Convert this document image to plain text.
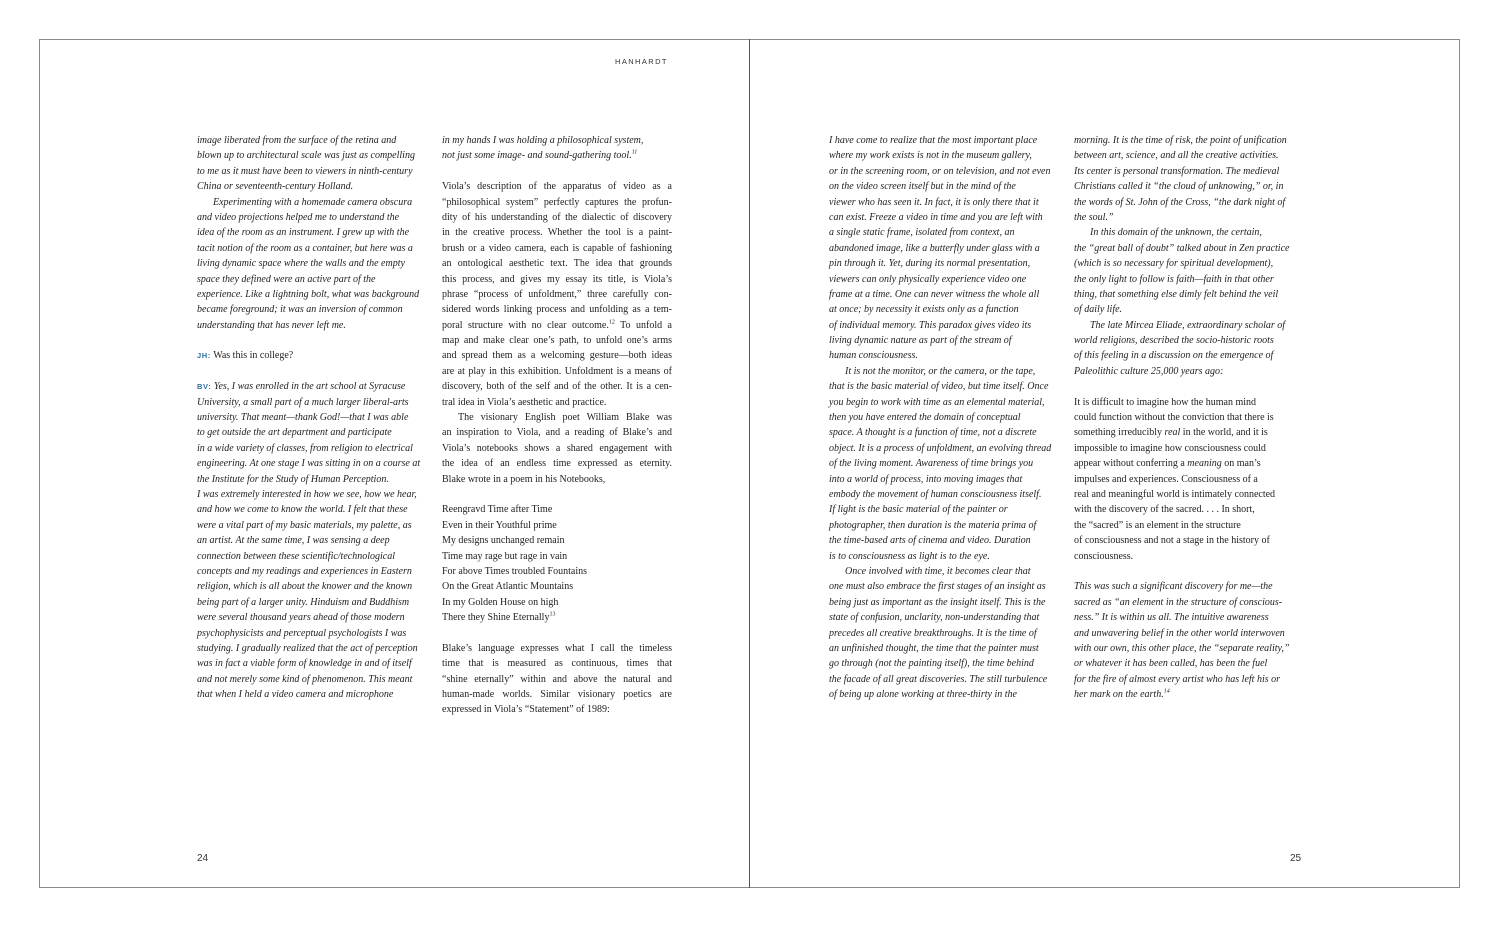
HANHARDT
24	25
image liberated from the surface of the retina and
blown up to architectural scale was just as compelling
to me as it must have been to viewers in ninth-century
China or seventeenth-century Holland.
Experimenting with a homemade camera obscura
and video projections helped me to understand the
idea of the room as an instrument. I grew up with the
tacit notion of the room as a container, but here was a
living dynamic space where the walls and the empty
space they defined were an active part of the
experience. Like a lightning bolt, what was background
became foreground; it was an inversion of common
understanding that has never left me.
JH: Was this in college?
BV: Yes, I was enrolled in the art school at Syracuse
University, a small part of a much larger liberal-arts
university. That meant—thank God!—that I was able
to get outside the art department and participate
in a wide variety of classes, from religion to electrical
engineering. At one stage I was sitting in on a course at
the Institute for the Study of Human Perception.
I was extremely interested in how we see, how we hear,
and how we come to know the world. I felt that these
were a vital part of my basic materials, my palette, as
an artist. At the same time, I was sensing a deep
connection between these scientific/technological
concepts and my readings and experiences in Eastern
religion, which is all about the knower and the known
being part of a larger unity. Hinduism and Buddhism
were several thousand years ahead of those modern
psychophysicists and perceptual psychologists I was
studying. I gradually realized that the act of perception
was in fact a viable form of knowledge in and of itself
and not merely some kind of phenomenon. This meant
that when I held a video camera and microphone
in my hands I was holding a philosophical system,
not just some image- and sound-gathering tool.$^{11}$
Viola’s description of the apparatus of video as a
“philosophical system” perfectly captures the profun-
dity of his understanding of the dialectic of discovery
in the creative process. Whether the tool is a paint-
brush or a video camera, each is capable of fashioning
an ontological aesthetic text. The idea that grounds
this process, and gives my essay its title, is Viola’s
phrase “process of unfoldment,” three carefully con-
sidered words linking process and unfolding as a tem-
poral structure with no clear outcome.$^{12}$ To unfold a
map and make clear one’s path, to unfold one’s arms
and spread them as a welcoming gesture—both ideas
are at play in this exhibition. Unfoldment is a means of
discovery, both of the self and of the other. It is a cen-
tral idea in Viola’s aesthetic and practice.
The visionary English poet William Blake was
an inspiration to Viola, and a reading of Blake’s and
Viola’s notebooks shows a shared engagement with
the idea of an endless time expressed as eternity.
Blake wrote in a poem in his Notebooks,
Reengravd Time after Time
Even in their Youthful prime
My designs unchanged remain
Time may rage but rage in vain
For above Times troubled Fountains
On the Great Atlantic Mountains
In my Golden House on high
There they Shine Eternally$^{13}$
Blake’s language expresses what I call the timeless
time that is measured as continuous, times that
“shine eternally” within and above the natural and
human-made worlds. Similar visionary poetics are
expressed in Viola’s “Statement” of 1989:
I have come to realize that the most important place
where my work exists is not in the museum gallery,
or in the screening room, or on television, and not even
on the video screen itself but in the mind of the
viewer who has seen it. In fact, it is only there that it
can exist. Freeze a video in time and you are left with
a single static frame, isolated from context, an
abandoned image, like a butterfly under glass with a
pin through it. Yet, during its normal presentation,
viewers can only physically experience video one
frame at a time. One can never witness the whole all
at once; by necessity it exists only as a function
of individual memory. This paradox gives video its
living dynamic nature as part of the stream of
human consciousness.
It is not the monitor, or the camera, or the tape,
that is the basic material of video, but time itself. Once
you begin to work with time as an elemental material,
then you have entered the domain of conceptual
space. A thought is a function of time, not a discrete
object. It is a process of unfoldment, an evolving thread
of the living moment. Awareness of time brings you
into a world of process, into moving images that
embody the movement of human consciousness itself.
If light is the basic material of the painter or
photographer, then duration is the materia prima of
the time-based arts of cinema and video. Duration
is to consciousness as light is to the eye.
Once involved with time, it becomes clear that
one must also embrace the first stages of an insight as
being just as important as the insight itself. This is the
state of confusion, unclarity, non-understanding that
precedes all creative breakthroughs. It is the time of
an unfinished thought, the time that the painter must
go through (not the painting itself), the time behind
the facade of all great discoveries. The still turbulence
of being up alone working at three-thirty in the
morning. It is the time of risk, the point of unification
between art, science, and all the creative activities.
Its center is personal transformation. The medieval
Christians called it “the cloud of unknowing,” or, in
the words of St. John of the Cross, “the dark night of
the soul.”
In this domain of the unknown, the certain,
the “great ball of doubt” talked about in Zen practice
(which is so necessary for spiritual development),
the only light to follow is faith—faith in that other
thing, that something else dimly felt behind the veil
of daily life.
The late Mircea Eliade, extraordinary scholar of
world religions, described the socio-historic roots
of this feeling in a discussion on the emergence of
Paleolithic culture 25,000 years ago:
It is difficult to imagine how the human mind
could function without the conviction that there is
something irreducibly real in the world, and it is
impossible to imagine how consciousness could
appear without conferring a meaning on man’s
impulses and experiences. Consciousness of a
real and meaningful world is intimately connected
with the discovery of the sacred. . . . In short,
the “sacred” is an element in the structure
of consciousness and not a stage in the history of
consciousness.
This was such a significant discovery for me—the
sacred as “an element in the structure of conscious-
ness.” It is within us all. The intuitive awareness
and unwavering belief in the other world interwoven
with our own, this other place, the “separate reality,”
or whatever it has been called, has been the fuel
for the fire of almost every artist who has left his or
her mark on the earth.$^{14}$
